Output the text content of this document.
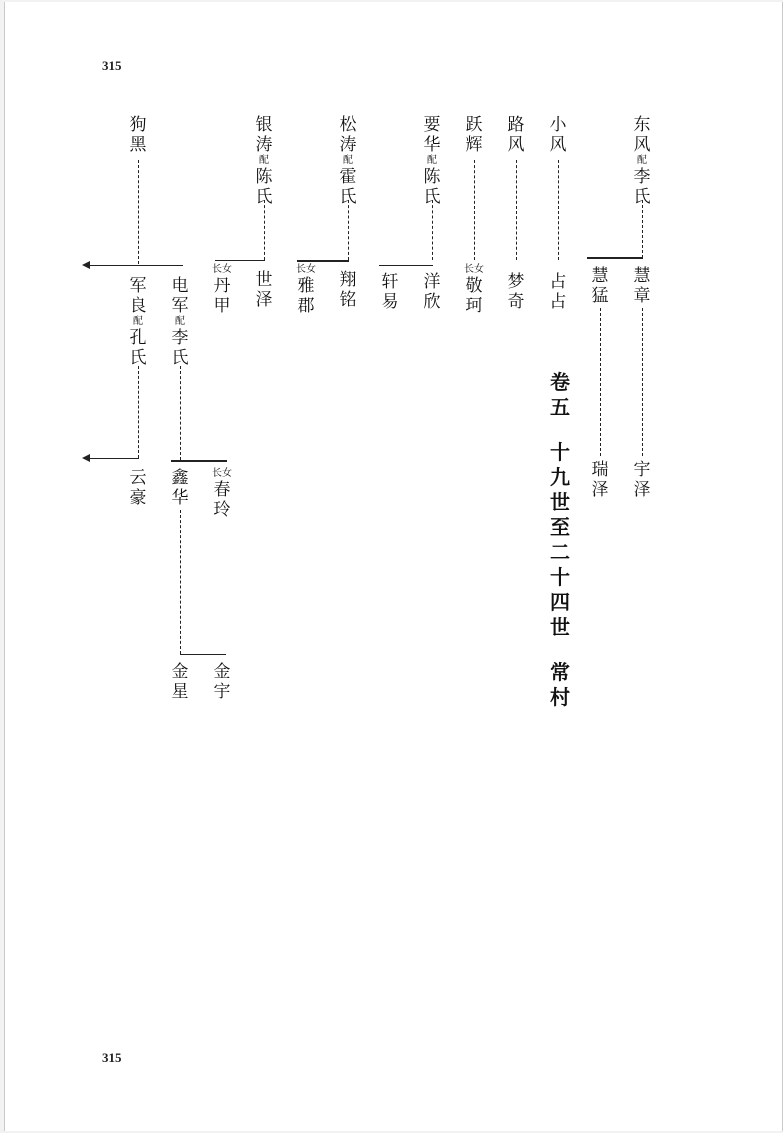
315
315
东风
配
李氏
小风
路风
跃辉
要华
配
陈氏
松涛
配
霍氏
银涛
配
陈氏
狗黑
慧章
慧猛
占占
梦奇
长女
敬珂
洋欣
轩易
翔铭
长女
雅郡
世泽
长女
丹甲
电军
配
李氏
军良
配
孔氏
卷五
十九世至二十四世
常村
宇泽
瑞泽
云豪
鑫华
长女
春玲
金星
金宇
